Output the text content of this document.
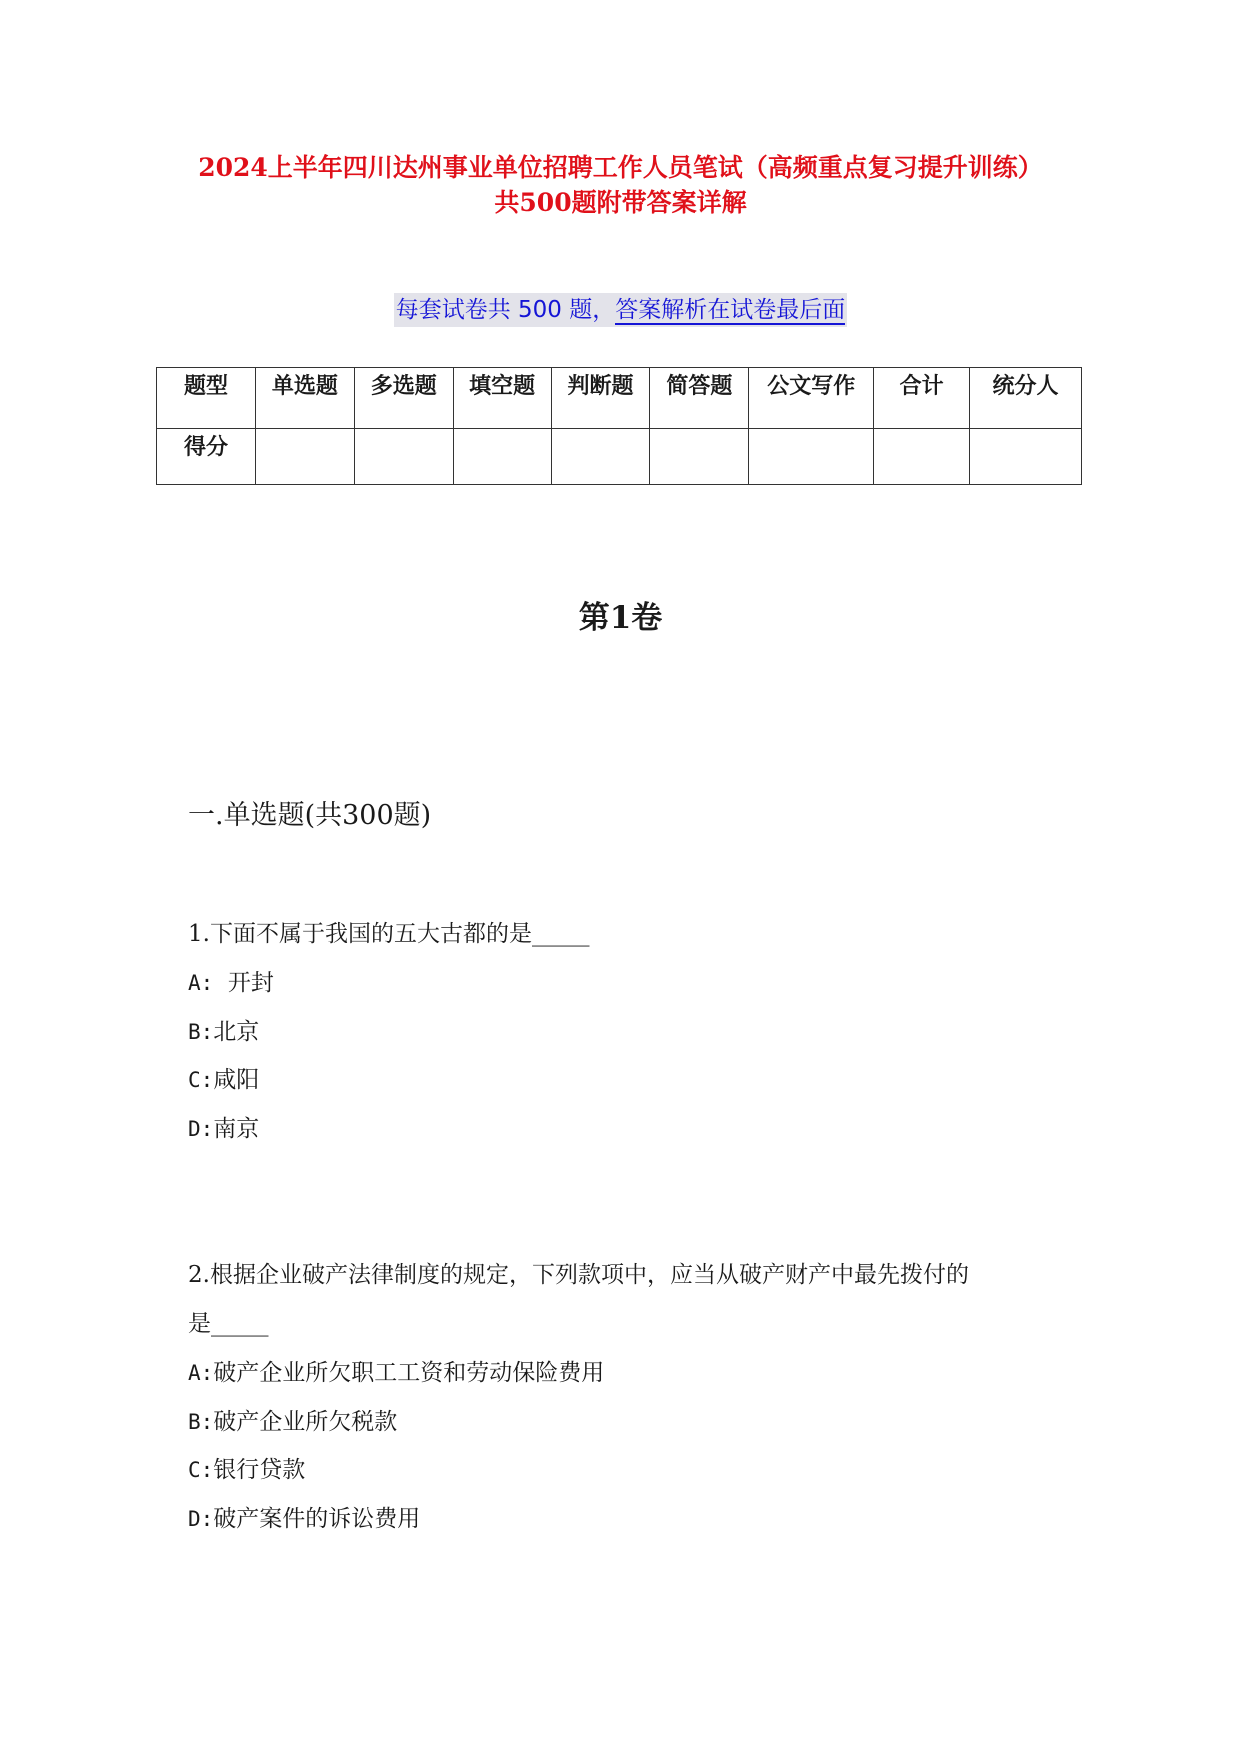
2024上半年四川达州事业单位招聘工作人员笔试（高频重点复习提升训练）
共500题附带答案详解
每套试卷共 500 题，答案解析在试卷最后面
题型	单选题	多选题	填空题	判断题	简答题	公文写作	合计	统分人
得分								
第1卷
一.单选题(共300题)
1.下面不属于我国的五大古都的是_____
A:  开封
B:北京
C:咸阳
D:南京
2.根据企业破产法律制度的规定，下列款项中，应当从破产财产中最先拨付的
是_____
A:破产企业所欠职工工资和劳动保险费用
B:破产企业所欠税款
C:银行贷款
D:破产案件的诉讼费用
